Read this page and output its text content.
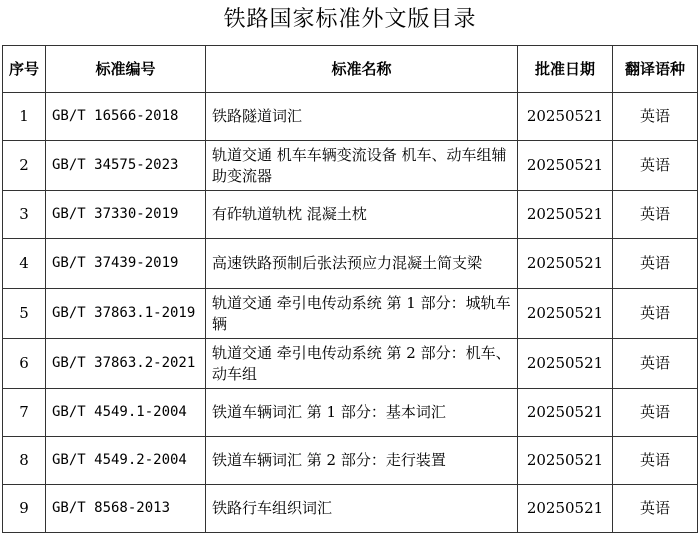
铁路国家标准外文版目录
序号	标准编号	标准名称	批准日期	翻译语种
1	GB/T 16566-2018	铁路隧道词汇	20250521	英语
2	GB/T 34575-2023	轨道交通 机车车辆变流设备 机车、动车组辅助变流器	20250521	英语
3	GB/T 37330-2019	有砟轨道轨枕 混凝土枕	20250521	英语
4	GB/T 37439-2019	高速铁路预制后张法预应力混凝土简支梁	20250521	英语
5	GB/T 37863.1-2019	轨道交通 牵引电传动系统 第 1 部分：城轨车辆	20250521	英语
6	GB/T 37863.2-2021	轨道交通 牵引电传动系统 第 2 部分：机车、动车组	20250521	英语
7	GB/T 4549.1-2004	铁道车辆词汇 第 1 部分：基本词汇	20250521	英语
8	GB/T 4549.2-2004	铁道车辆词汇 第 2 部分：走行装置	20250521	英语
9	GB/T 8568-2013	铁路行车组织词汇	20250521	英语
